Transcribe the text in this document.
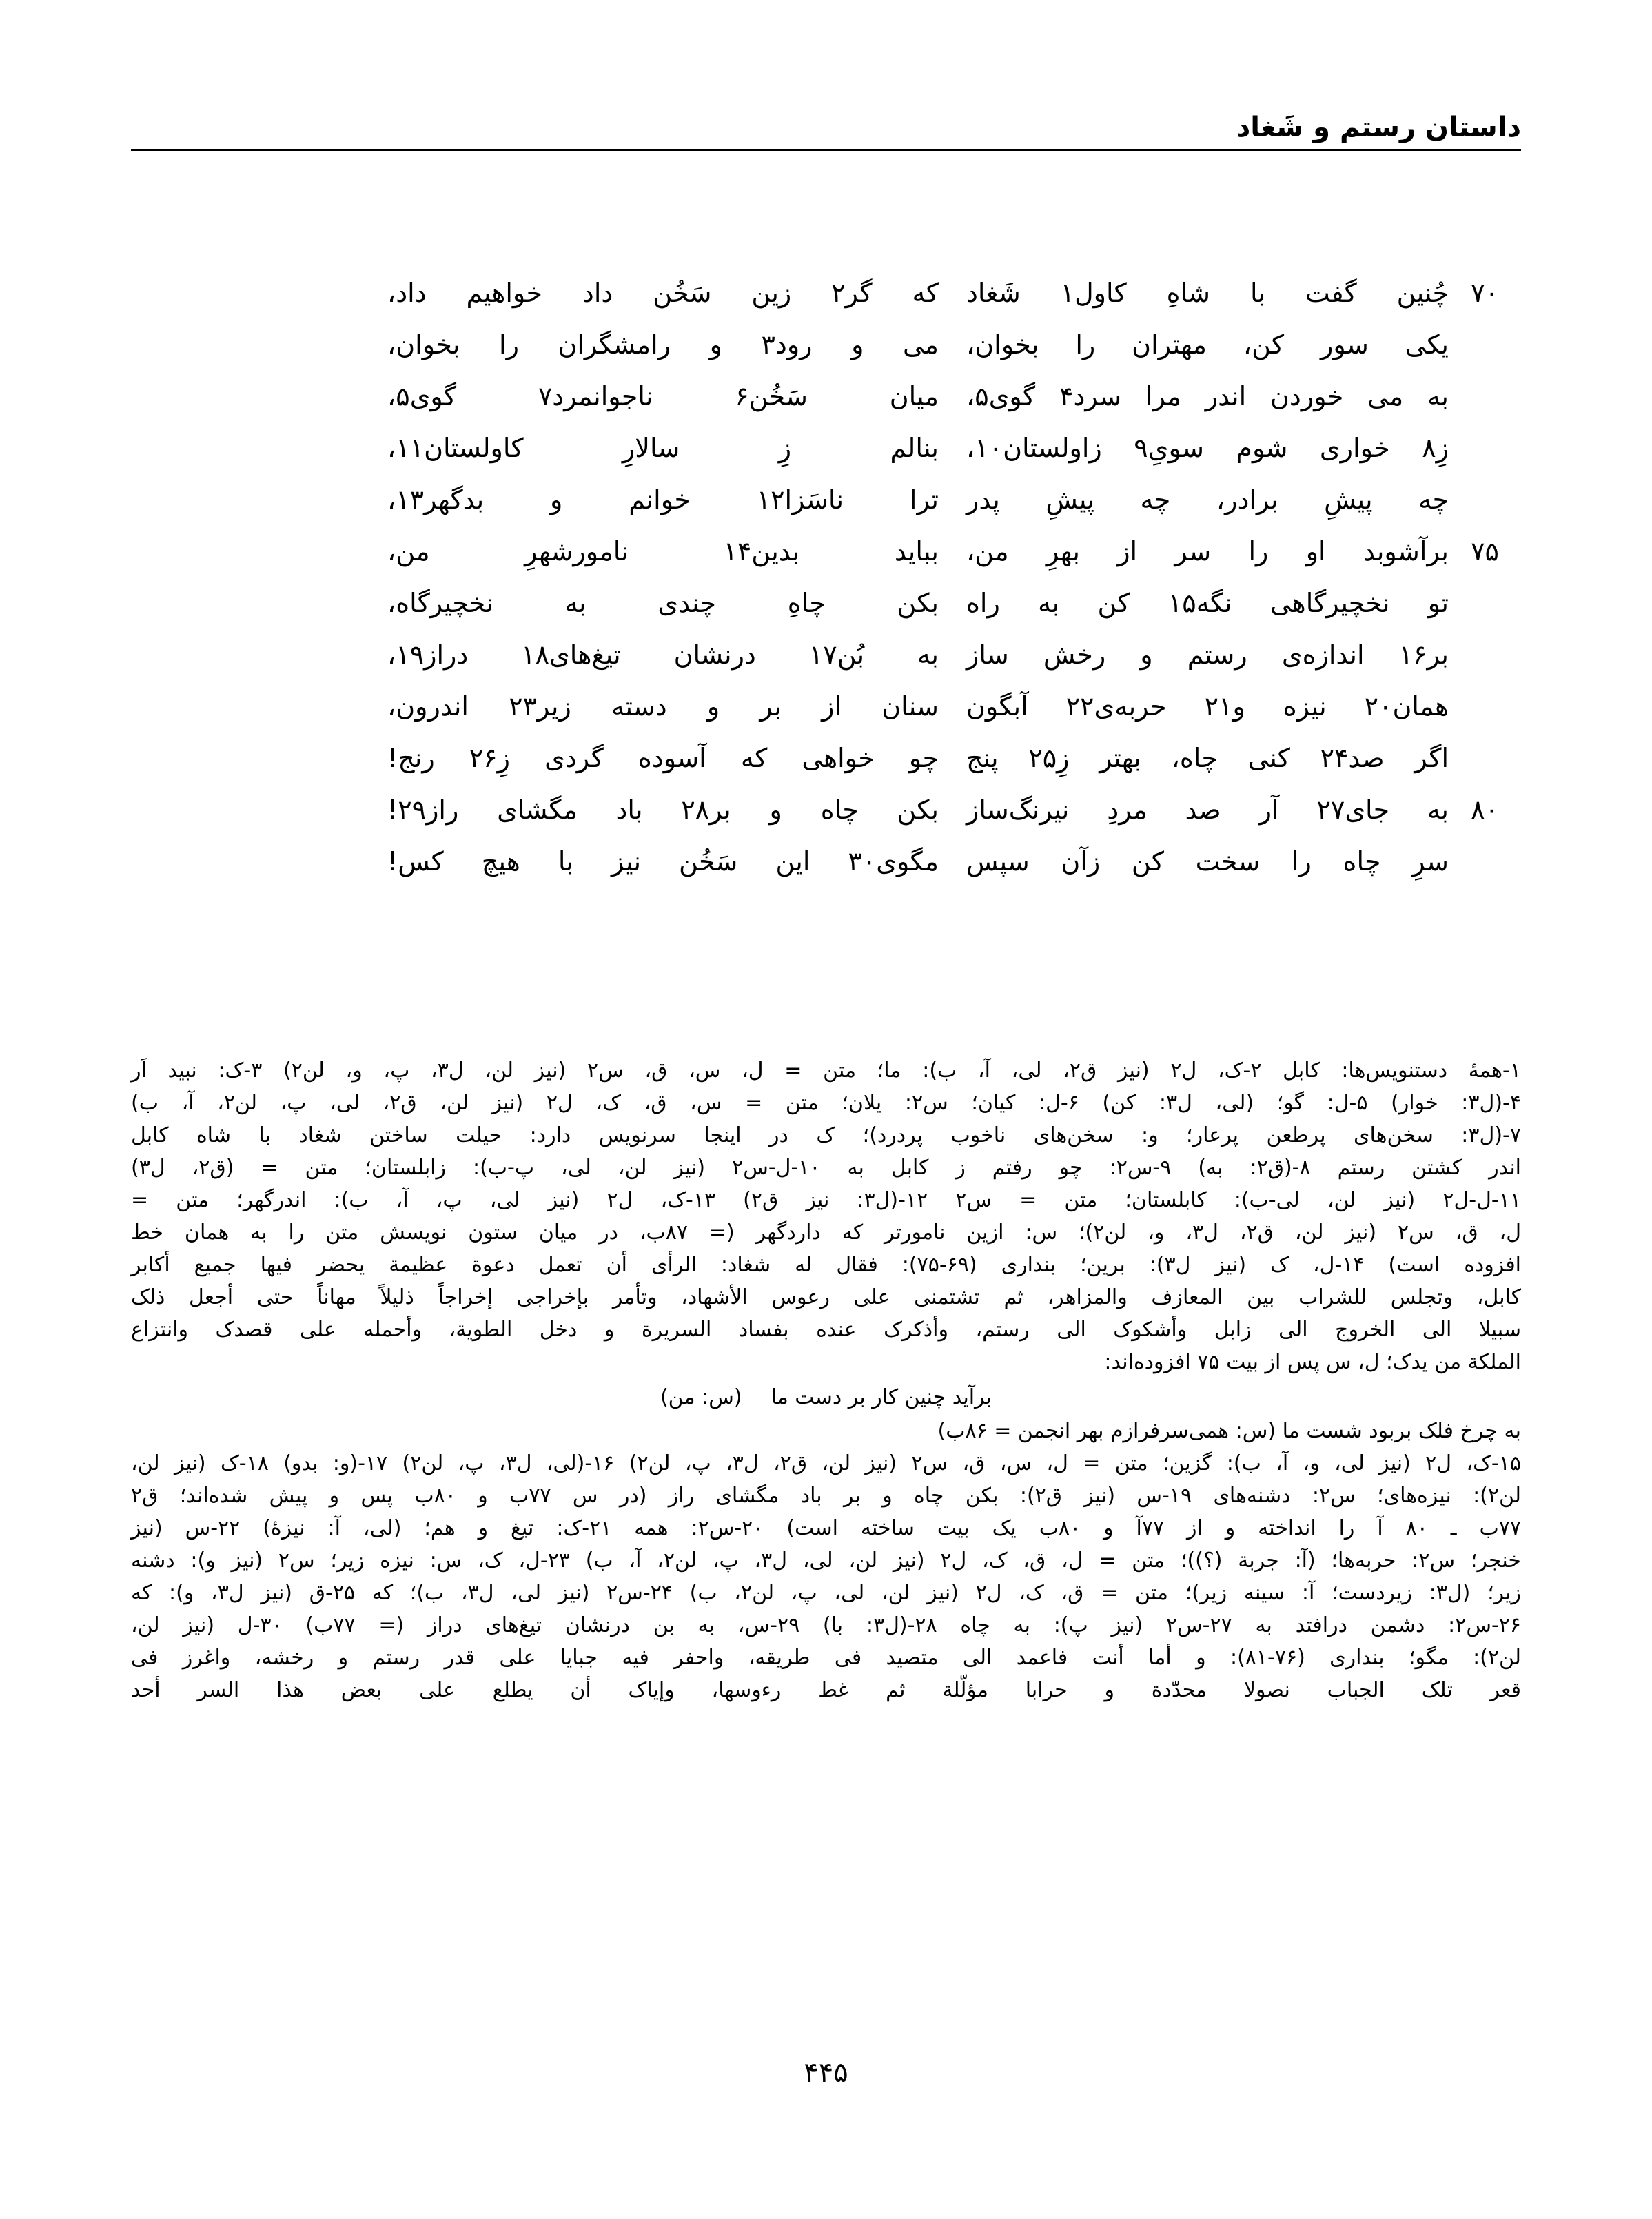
داستان رستم و شَغاد
۷۰
چُنین گفت با شاهِ کاول۱ شَغاد
که گر۲ زین سَخُن داد خواهیم داد،
یکی سور کن، مهتران را بخوان،
می و رود۳ و رامشگران را بخوان،
به می خوردن اندر مرا سرد۴ گوی۵،
میان سَخُن۶ ناجوانمرد۷ گوی۵،
زِ۸ خواری شوم سویِ۹ زاولستان۱۰،
بنالم زِ سالارِ کاولستان۱۱،
چه پیشِ برادر، چه پیشِ پدر
ترا ناسَزا۱۲ خوانم و بدگهر۱۳،
۷۵
برآشوبد او را سر از بهرِ من،
بباید بدین۱۴ نامورشهرِ من،
تو نخچیرگاهی نگه۱۵ کن به راه
بکن چاهِ چندی به نخچیرگاه،
بر۱۶ اندازه‌ی رستم و رخش ساز
به بُن۱۷ درنشان تیغ‌های۱۸ دراز۱۹،
همان۲۰ نیزه و۲۱ حربه‌ی۲۲ آبگون
سنان از بر و دسته زیر۲۳ اندرون،
اگر صد۲۴ کنی چاه، بهتر زِ۲۵ پنج
چو خواهی که آسوده گردی زِ۲۶ رنج!
۸۰
به جای۲۷ آر صد مردِ نیرنگ‌ساز
بکن چاه و بر۲۸ باد مگشای راز۲۹!
سرِ چاه را سخت کن زآن سپس
مگوی۳۰ این سَخُن نیز با هیچ کس!
۱-همهٔ دستنویس‌ها: کابل ۲-ک، ل۲ (نیز ق۲، لی، آ، ب): ما؛ متن = ل، س، ق، س۲ (نیز لن، ل۳، پ، و، لن۲) ۳-ک: نبید اَر
۴-(ل۳: خوار) ۵-ل: گو؛ (لی، ل۳: کن) ۶-ل: کیان؛ س۲: یلان؛ متن = س، ق، ک، ل۲ (نیز لن، ق۲، لی، پ، لن۲، آ، ب)
۷-(ل۳: سخن‌های پرطعن پرعار؛ و: سخن‌های ناخوب پردرد)؛ ک در اینجا سرنویس دارد: حیلت ساختن شغاد با شاه کابل
اندر کشتن رستم ۸-(ق۲: به) ۹-س۲: چو رفتم ز کابل به ۱۰-ل-س۲ (نیز لن، لی، پ-ب): زابلستان؛ متن = (ق۲، ل۳)
۱۱-ل-ل۲ (نیز لن، لی-ب): کابلستان؛ متن = س۲ ۱۲-(ل۳: نیز ق۲) ۱۳-ک، ل۲ (نیز لی، پ، آ، ب): اندرگهر؛ متن =
ل، ق، س۲ (نیز لن، ق۲، ل۳، و، لن۲)؛ س: ازین نامورتر که داردگهر (= ۸۷ب، در میان ستون نویسش متن را به همان خط
افزوده است) ۱۴-ل، ک (نیز ل۳): برین؛ بنداری (۶۹-۷۵): فقال له شغاد: الرأی أن تعمل دعوة عظیمة یحضر فیها جمیع أکابر
کابل، وتجلس للشراب بین المعازف والمزاهر، ثم تشتمنی علی رعوس الأشهاد، وتأمر بإخراجی إخراجاً ذلیلاً مهاناً حتی أجعل ذلک
سبیلا الی الخروج الی زابل وأشکوک الی رستم، وأذکرک عنده بفساد السریرة و دخل الطویة، وأحمله علی قصدک وانتزاع
الملکة من یدک؛ ل، س پس از بیت ۷۵ افزوده‌اند:
برآید چنین کار بر دست ما(س: من)
به چرخ فلک بربود شست ما (س: همی‌سرفرازم بهر انجمن = ۸۶ب)
۱۵-ک، ل۲ (نیز لی، و، آ، ب): گزین؛ متن = ل، س، ق، س۲ (نیز لن، ق۲، ل۳، پ، لن۲) ۱۶-(لی، ل۳، پ، لن۲) ۱۷-(و: بدو) ۱۸-ک (نیز لن،
لن۲): نیزه‌های؛ س۲: دشنه‌های ۱۹-س (نیز ق۲): بکن چاه و بر باد مگشای راز (در س ۷۷ب و ۸۰ب پس و پیش شده‌اند؛ ق۲
۷۷ب ـ ۸۰ آ را انداخته و از ۷۷آ و ۸۰ب یک بیت ساخته است) ۲۰-س۲: همه ۲۱-ک: تیغ و هم؛ (لی، آ: نیزۀ) ۲۲-س (نیز
خنجر؛ س۲: حربه‌ها؛ (آ: جربة (؟))؛ متن = ل، ق، ک، ل۲ (نیز لن، لی، ل۳، پ، لن۲، آ، ب) ۲۳-ل، ک، س: نیزه زیر؛ س۲ (نیز و): دشنه
زیر؛ (ل۳: زیردست؛ آ: سینه زیر)؛ متن = ق، ک، ل۲ (نیز لن، لی، پ، لن۲، ب) ۲۴-س۲ (نیز لی، ل۳، ب)؛ که ۲۵-ق (نیز ل۳، و): که
۲۶-س۲: دشمن درافتد به ۲۷-س۲ (نیز پ): به چاه ۲۸-(ل۳: با) ۲۹-س، به بن درنشان تیغ‌های دراز (= ۷۷ب) ۳۰-ل (نیز لن،
لن۲): مگو؛ بنداری (۷۶-۸۱): و أما أنت فاعمد الی متصید فی طریقه، واحفر فیه جبایا علی قدر رستم و رخشه، واغرز فی
قعر تلک الجباب نصولا محدّدة و حرابا مؤلّلة ثم غط رءوسها، وإیاک أن یطلع علی بعض هذا السر أحد
۴۴۵
